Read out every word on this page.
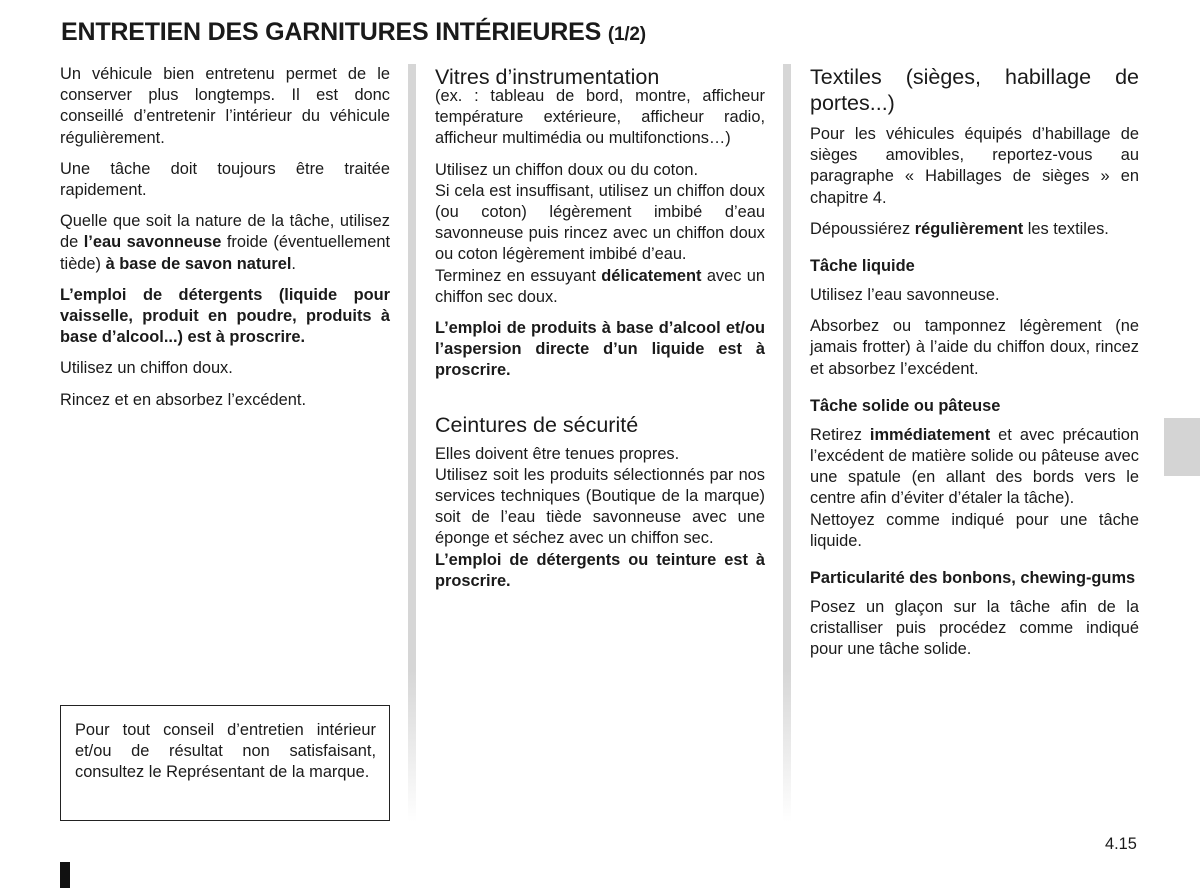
ENTRETIEN DES GARNITURES INTÉRIEURES (1/2)

Un véhicule bien entretenu permet de le conserver plus longtemps. Il est donc conseillé d’entretenir l’intérieur du véhicule régulièrement.

Une tâche doit toujours être traitée rapidement.

Quelle que soit la nature de la tâche, utilisez de l’eau savonneuse froide (éventuellement tiède) à base de savon naturel.

L’emploi de détergents (liquide pour vaisselle, produit en poudre, produits à base d’alcool...) est à proscrire.

Utilisez un chiffon doux.

Rincez et en absorbez l’excédent.

Pour tout conseil d’entretien intérieur et/ou de résultat non satisfaisant, consultez le Représentant de la marque.
Vitres d’instrumentation

(ex. : tableau de bord, montre, afficheur température extérieure, afficheur radio, afficheur multimédia ou multifonctions…)

Utilisez un chiffon doux ou du coton.

Si cela est insuffisant, utilisez un chiffon doux (ou coton) légèrement imbibé d’eau savonneuse puis rincez avec un chiffon doux ou coton légèrement imbibé d’eau.

Terminez en essuyant délicatement avec un chiffon sec doux.

L’emploi de produits à base d’alcool et/ou l’aspersion directe d’un liquide est à proscrire.

Ceintures de sécurité

Elles doivent être tenues propres.

Utilisez soit les produits sélectionnés par nos services techniques (Boutique de la marque) soit de l’eau tiède savonneuse avec une éponge et séchez avec un chiffon sec.

L’emploi de détergents ou teinture est à proscrire.

Textiles (sièges, habillage de portes...)

Pour les véhicules équipés d’habillage de sièges amovibles, reportez-vous au paragraphe « Habillages de sièges » en chapitre 4.

Dépoussiérez régulièrement les textiles.

Tâche liquide

Utilisez l’eau savonneuse.

Absorbez ou tamponnez légèrement (ne jamais frotter) à l’aide du chiffon doux, rincez et absorbez l’excédent.

Tâche solide ou pâteuse

Retirez immédiatement et avec précaution l’excédent de matière solide ou pâteuse avec une spatule (en allant des bords vers le centre afin d’éviter d’étaler la tâche).

Nettoyez comme indiqué pour une tâche liquide.

Particularité des bonbons, chewing-gums

Posez un glaçon sur la tâche afin de la cristalliser puis procédez comme indiqué pour une tâche solide.

4.15
